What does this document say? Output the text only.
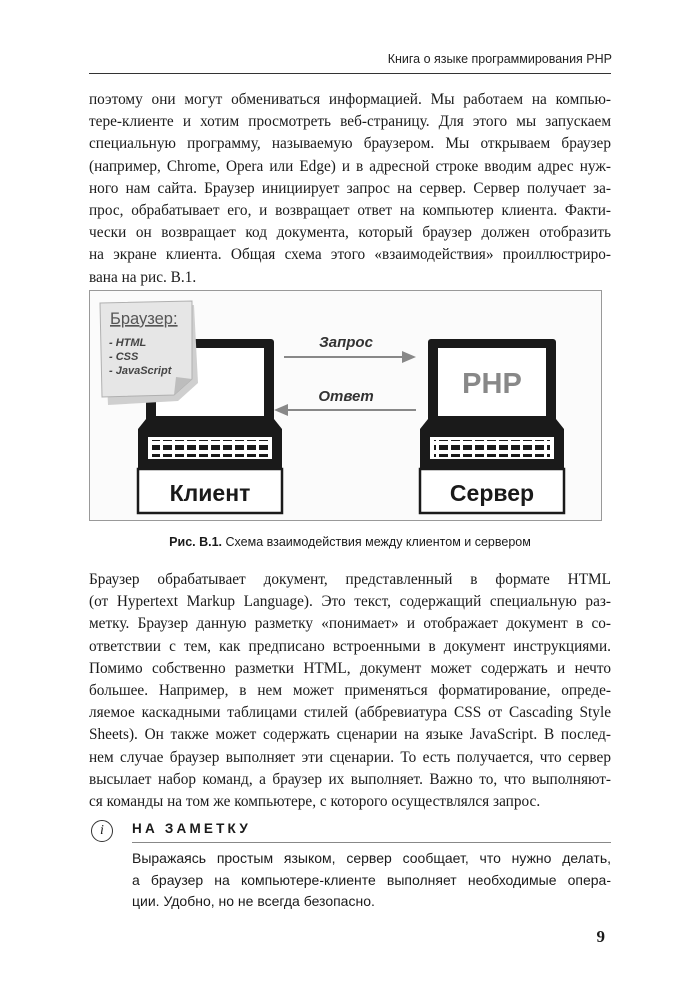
Книга о языке программирования PHP
поэтому они могут обмениваться информацией. Мы работаем на компью-
тере-клиенте и хотим просмотреть веб-страницу. Для этого мы запускаем
специальную программу, называемую браузером. Мы открываем браузер
(например, Chrome, Opera или Edge) и в адресной строке вводим адрес нуж-
ного нам сайта. Браузер инициирует запрос на сервер. Сервер получает за-
прос, обрабатывает его, и возвращает ответ на компьютер клиента. Факти-
чески он возвращает код документа, который браузер должен отобразить
на экране клиента. Общая схема этого «взаимодействия» проиллюстриро-
вана на рис. В.1.
Клиент
PHP
Сервер
Запрос
Ответ
Браузер:
- HTML
- CSS
- JavaScript
Рис. В.1. Схема взаимодействия между клиентом и сервером
Браузер обрабатывает документ, представленный в формате HTML
(от Hypertext Markup Language). Это текст, содержащий специальную раз-
метку. Браузер данную разметку «понимает» и отображает документ в со-
ответствии с тем, как предписано встроенными в документ инструкциями.
Помимо собственно разметки HTML, документ может содержать и нечто
большее. Например, в нем может применяться форматирование, опреде-
ляемое каскадными таблицами стилей (аббревиатура CSS от Cascading Style
Sheets). Он также может содержать сценарии на языке JavaScript. В послед-
нем случае браузер выполняет эти сценарии. То есть получается, что сервер
высылает набор команд, а браузер их выполняет. Важно то, что выполняют-
ся команды на том же компьютере, с которого осуществлялся запрос.
i	НА ЗАМЕТКУ
Выражаясь простым языком, сервер сообщает, что нужно делать,
а браузер на компьютере-клиенте выполняет необходимые опера-
ции. Удобно, но не всегда безопасно.
9
